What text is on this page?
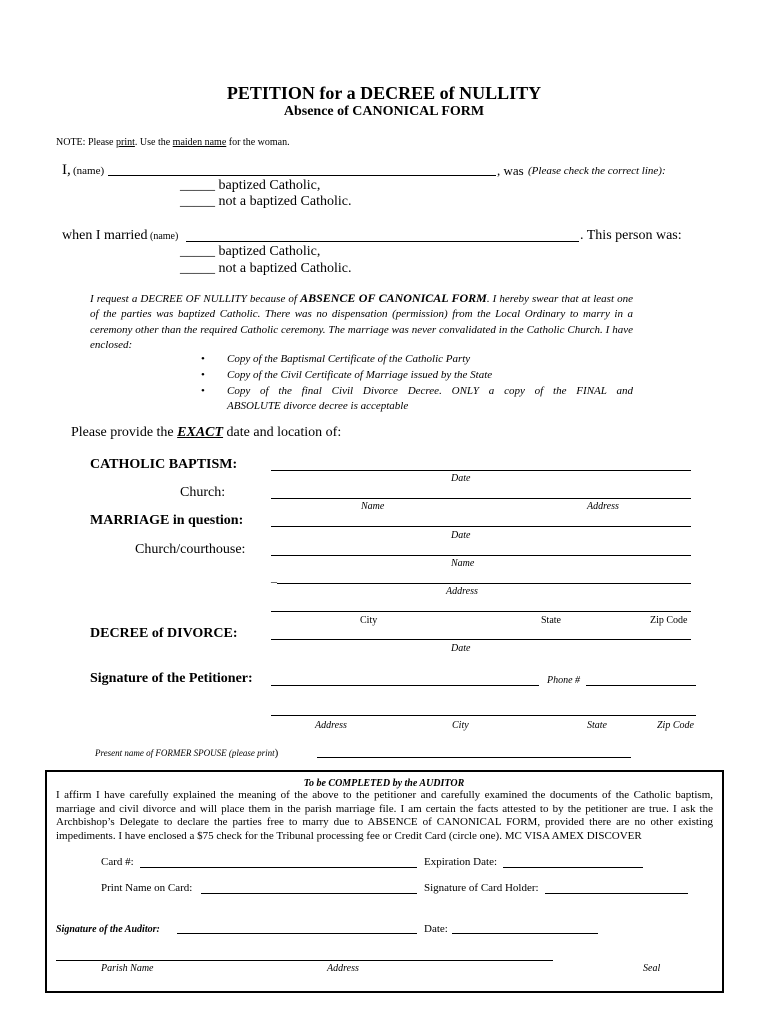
PETITION for a DECREE of NULLITY
Absence of CANONICAL FORM
NOTE: Please print. Use the maiden name for the woman.
I, (name)	, was (Please check the correct line):
_____ baptized Catholic,
_____ not a baptized Catholic.
when I married (name)	. This person was:
_____ baptized Catholic,
_____ not a baptized Catholic.
I request a DECREE OF NULLITY because of ABSENCE OF CANONICAL FORM. I hereby swear that at least one of the parties was baptized Catholic. There was no dispensation (permission) from the Local Ordinary to marry in a ceremony other than the required Catholic ceremony. The marriage was never convalidated in the Catholic Church. I have enclosed:
• Copy of the Baptismal Certificate of the Catholic Party
• Copy of the Civil Certificate of Marriage issued by the State
• Copy of the final Civil Divorce Decree. ONLY a copy of the FINAL and
ABSOLUTE divorce decree is acceptable
Please provide the EXACT date and location of:
CATHOLIC BAPTISM:
Date
Church:
Name	Address
MARRIAGE in question:
Date
Church/courthouse:
Name
_
Address
City	State	Zip Code
DECREE of DIVORCE:
Date
Signature of the Petitioner:	Phone #
Address	City	State	Zip Code
Present name of FORMER SPOUSE (please print)
To be COMPLETED by the AUDITOR
I affirm I have carefully explained the meaning of the above to the petitioner and carefully examined the documents of the Catholic baptism, marriage and civil divorce and will place them in the parish marriage file. I am certain the facts attested to by the petitioner are true. I ask the Archbishop’s Delegate to declare the parties free to marry due to ABSENCE of CANONICAL FORM, provided there are no other existing impediments. I have enclosed a $75 check for the Tribunal processing fee or Credit Card (circle one). MC VISA AMEX DISCOVER
Card #:	Expiration Date:
Print Name on Card:	Signature of Card Holder:
Signature of the Auditor:	Date:
Parish Name	Address	Seal
